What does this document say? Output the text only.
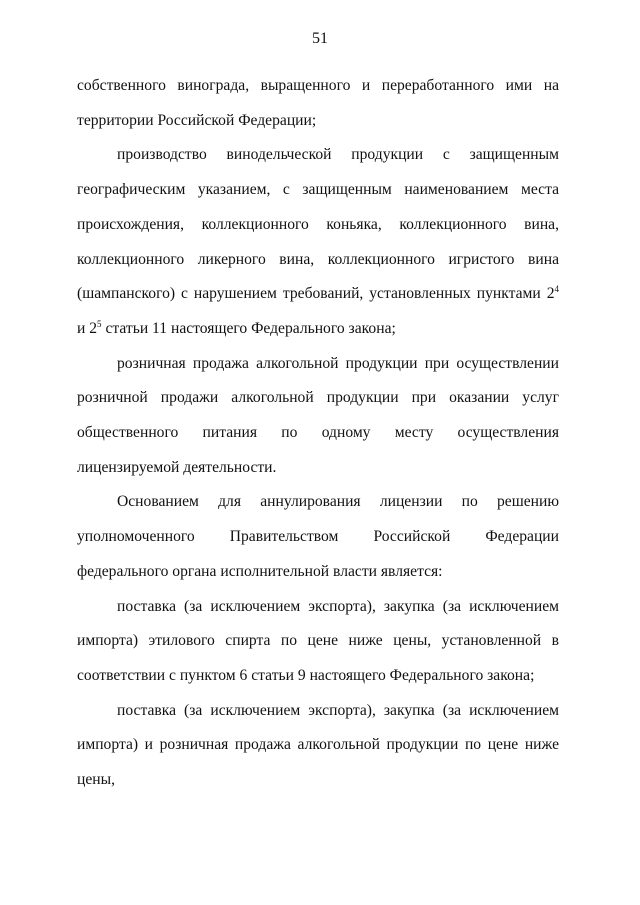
51

собственного винограда, выращенного и переработанного ими на территории Российской Федерации;

производство винодельческой продукции с защищенным географическим указанием, с защищенным наименованием места происхождения, коллекционного коньяка, коллекционного вина, коллекционного ликерного вина, коллекционного игристого вина (шампанского) с нарушением требований, установленных пунктами $2^4$ и $2^5$ статьи 11 настоящего Федерального закона;

розничная продажа алкогольной продукции при осуществлении розничной продажи алкогольной продукции при оказании услуг общественного питания по одному месту осуществления лицензируемой деятельности.

Основанием для аннулирования лицензии по решению уполномоченного Правительством Российской Федерации федерального органа исполнительной власти является:

поставка (за исключением экспорта), закупка (за исключением импорта) этилового спирта по цене ниже цены, установленной в соответствии с пунктом 6 статьи 9 настоящего Федерального закона;

поставка (за исключением экспорта), закупка (за исключением импорта) и розничная продажа алкогольной продукции по цене ниже цены,
